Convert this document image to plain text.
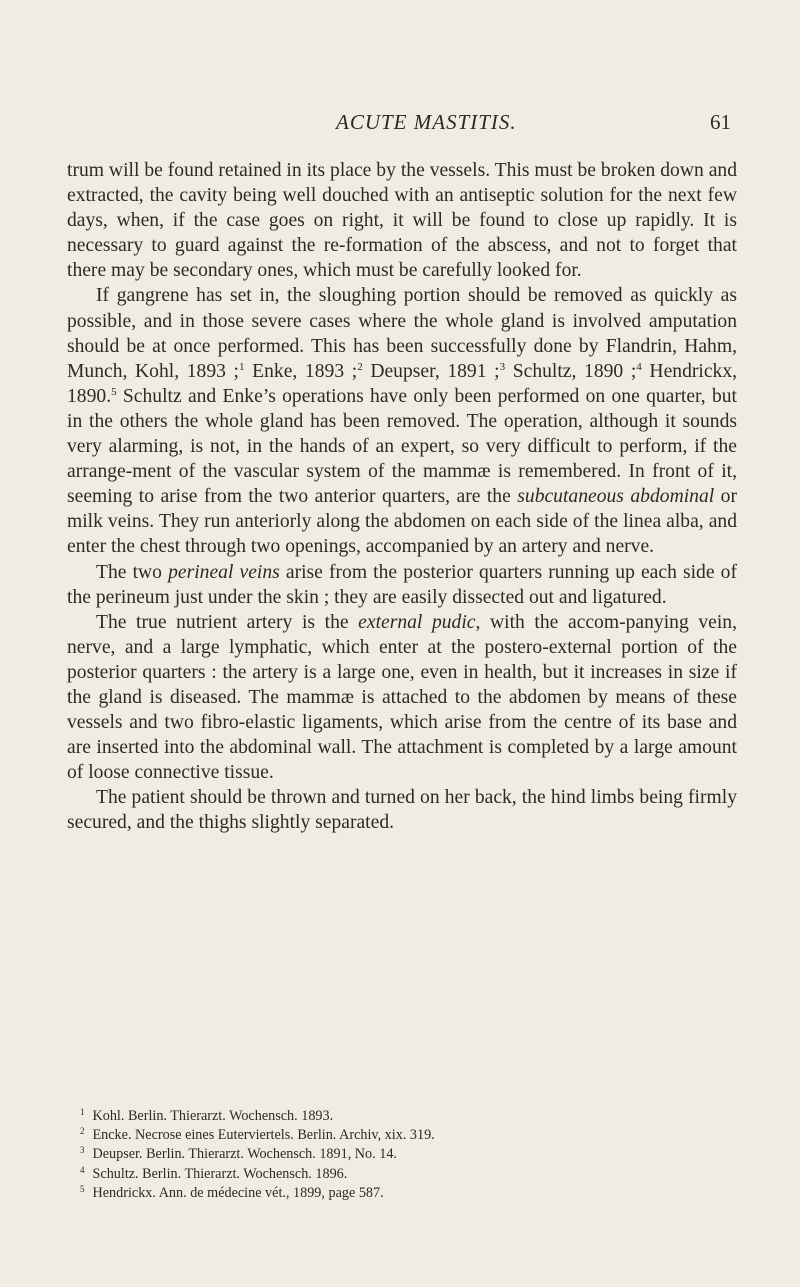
ACUTE MASTITIS.	61

trum will be found retained in its place by the vessels. This must be broken down and extracted, the cavity being well douched with an antiseptic solution for the next few days, when, if the case goes on right, it will be found to close up rapidly. It is necessary to guard against the re-formation of the abscess, and not to forget that there may be secondary ones, which must be carefully looked for.

If gangrene has set in, the sloughing portion should be removed as quickly as possible, and in those severe cases where the whole gland is involved amputation should be at once performed. This has been successfully done by Flandrin, Hahm, Munch, Kohl, 1893 ;$^1$ Enke, 1893 ;$^2$ Deupser, 1891 ;$^3$ Schultz, 1890 ;$^4$ Hendrickx, 1890.$^5$ Schultz and Enke’s operations have only been performed on one quarter, but in the others the whole gland has been removed. The operation, although it sounds very alarming, is not, in the hands of an expert, so very difficult to perform, if the arrange-ment of the vascular system of the mammæ is remembered. In front of it, seeming to arise from the two anterior quarters, are the subcutaneous abdominal or milk veins. They run anteriorly along the abdomen on each side of the linea alba, and enter the chest through two openings, accompanied by an artery and nerve.

The two perineal veins arise from the posterior quarters running up each side of the perineum just under the skin ; they are easily dissected out and ligatured.

The true nutrient artery is the external pudic, with the accom-panying vein, nerve, and a large lymphatic, which enter at the postero-external portion of the posterior quarters : the artery is a large one, even in health, but it increases in size if the gland is diseased. The mammæ is attached to the abdomen by means of these vessels and two fibro-elastic ligaments, which arise from the centre of its base and are inserted into the abdominal wall. The attachment is completed by a large amount of loose connective tissue.

The patient should be thrown and turned on her back, the hind limbs being firmly secured, and the thighs slightly separated.

$^1$ Kohl. Berlin. Thierarzt. Wochensch. 1893.
$^2$ Encke. Necrose eines Euterviertels. Berlin. Archiv, xix. 319.
$^3$ Deupser. Berlin. Thierarzt. Wochensch. 1891, No. 14.
$^4$ Schultz. Berlin. Thierarzt. Wochensch. 1896.
$^5$ Hendrickx. Ann. de médecine vét., 1899, page 587.
